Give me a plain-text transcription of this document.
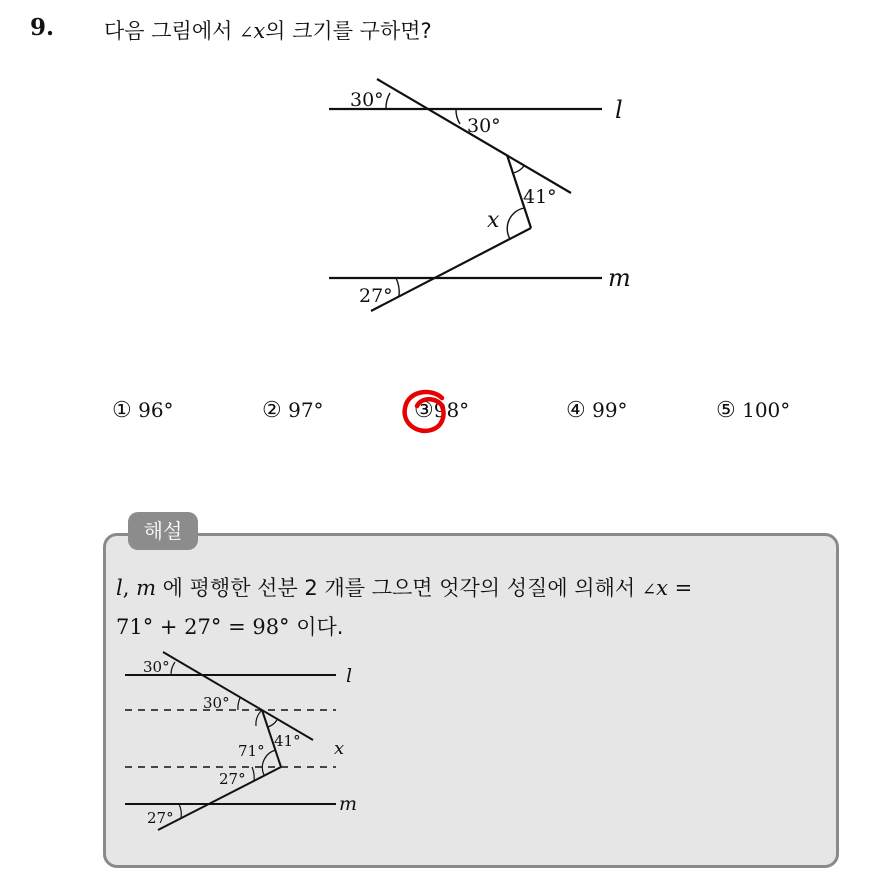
9. 다음 그림에서 ∠x의 크기를 구하면?
30°
30°
41°
x
27°
l
m
① 96°	② 97°	③98°	④ 99°	⑤ 100°
해설
l, m 에 평행한 선분 2 개를 그으면 엇각의 성질에 의해서 ∠x =
71° + 27° = 98° 이다.
30°
30°
71°
41°
27°
27°
l
x
m
